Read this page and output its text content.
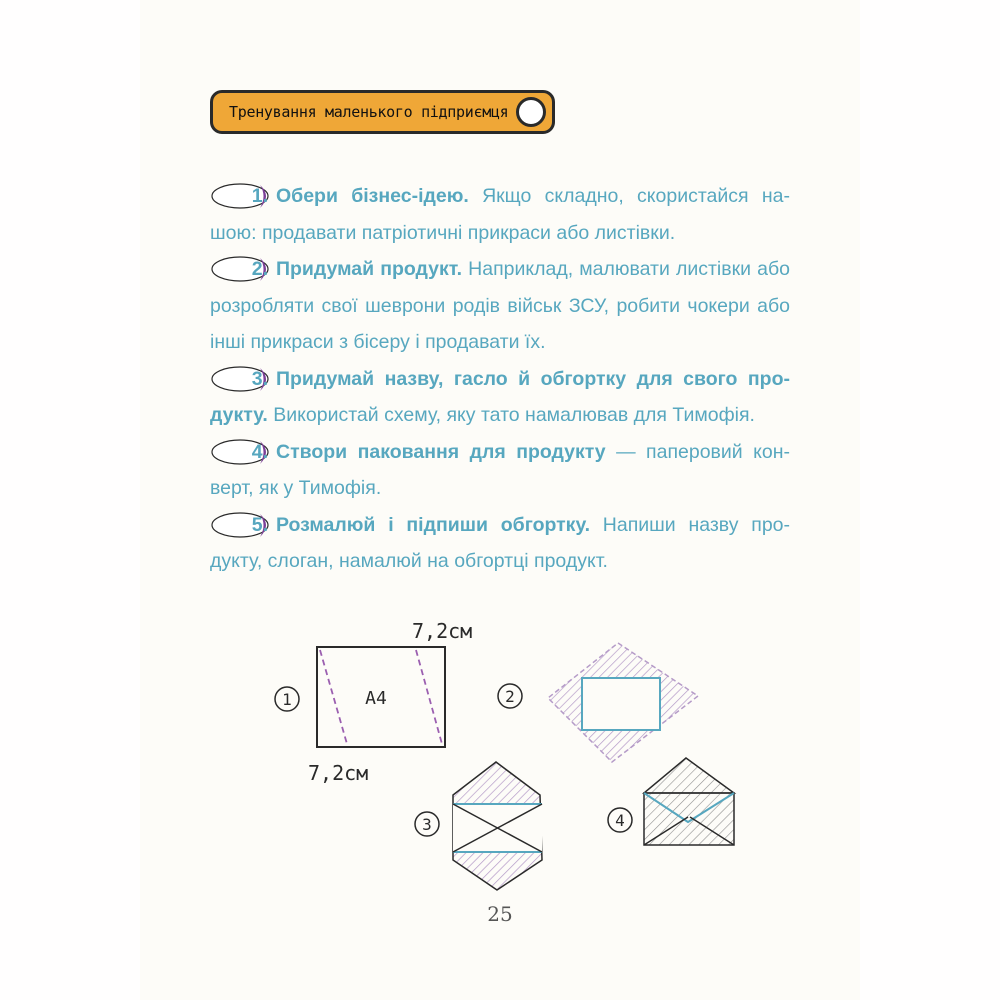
Тренування маленького підприємця
1. Обери бізнес-ідею. Якщо складно, скористайся нашою: продавати патріотичні прикраси або листівки.
2. Придумай продукт. Наприклад, малювати листівки або розробляти свої шеврони родів військ ЗСУ, робити чокери або інші прикраси з бісеру і продавати їх.
3. Придумай назву, гасло й обгортку для свого продукту. Використай схему, яку тато намалював для Тимофія.
4. Створи паковання для продукту — паперовий конверт, як у Тимофія.
5. Розмалюй і підпиши обгортку. Напиши назву продукту, слоган, намалюй на обгортці продукт.
1	А4
7,2см
7,2см
2
3	4
25
